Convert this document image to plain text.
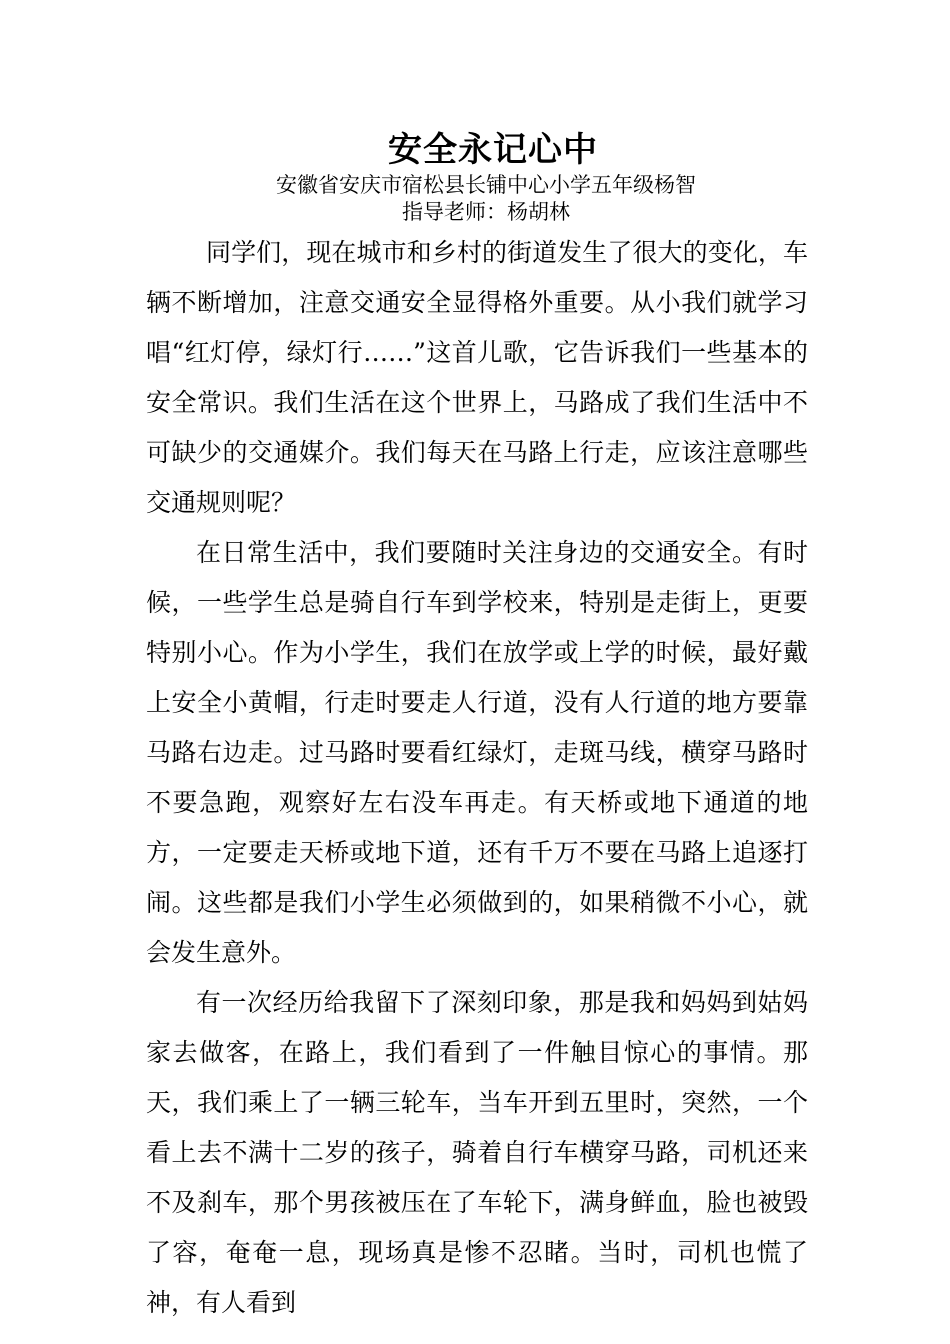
安全永记心中
安徽省安庆市宿松县长铺中心小学五年级杨智
指导老师：杨胡林

同学们，现在城市和乡村的街道发生了很大的变化，车辆不断增加，注意交通安全显得格外重要。从小我们就学习唱“红灯停，绿灯行……”这首儿歌，它告诉我们一些基本的安全常识。我们生活在这个世界上，马路成了我们生活中不可缺少的交通媒介。我们每天在马路上行走，应该注意哪些交通规则呢？

在日常生活中，我们要随时关注身边的交通安全。有时候，一些学生总是骑自行车到学校来，特别是走街上，更要特别小心。作为小学生，我们在放学或上学的时候，最好戴上安全小黄帽，行走时要走人行道，没有人行道的地方要靠马路右边走。过马路时要看红绿灯，走斑马线，横穿马路时不要急跑，观察好左右没车再走。有天桥或地下通道的地方，一定要走天桥或地下道，还有千万不要在马路上追逐打闹。这些都是我们小学生必须做到的，如果稍微不小心，就会发生意外。

有一次经历给我留下了深刻印象，那是我和妈妈到姑妈家去做客，在路上，我们看到了一件触目惊心的事情。那天，我们乘上了一辆三轮车，当车开到五里时，突然，一个看上去不满十二岁的孩子，骑着自行车横穿马路，司机还来不及刹车，那个男孩被压在了车轮下，满身鲜血，脸也被毁了容，奄奄一息，现场真是惨不忍睹。当时，司机也慌了神，有人看到
